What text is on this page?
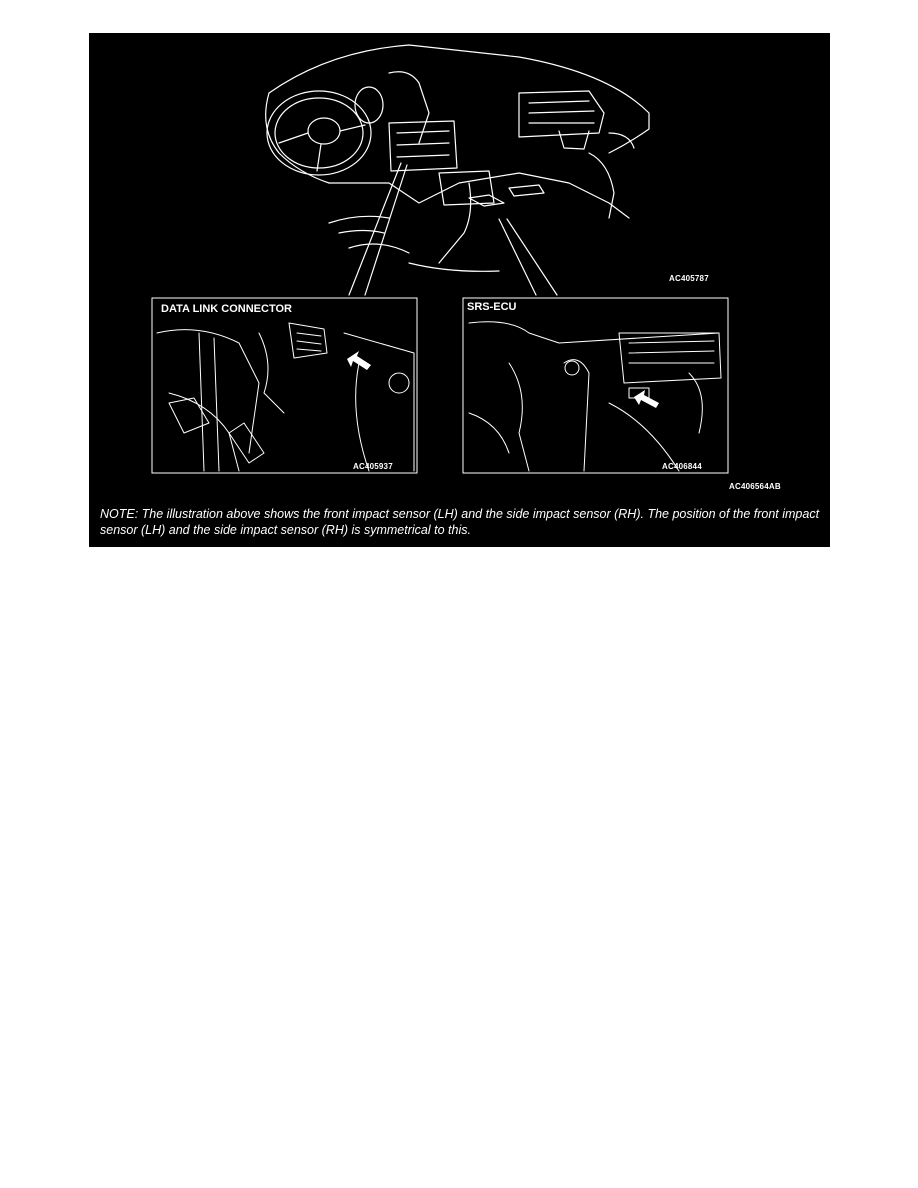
AC405787
DATA LINK CONNECTOR
AC405937
SRS-ECU
AC406844
AC406564AB
NOTE: The illustration above shows the front impact sensor (LH) and the side impact sensor (RH). The position of the front impact sensor (LH) and the side impact sensor (RH) is symmetrical to this.
